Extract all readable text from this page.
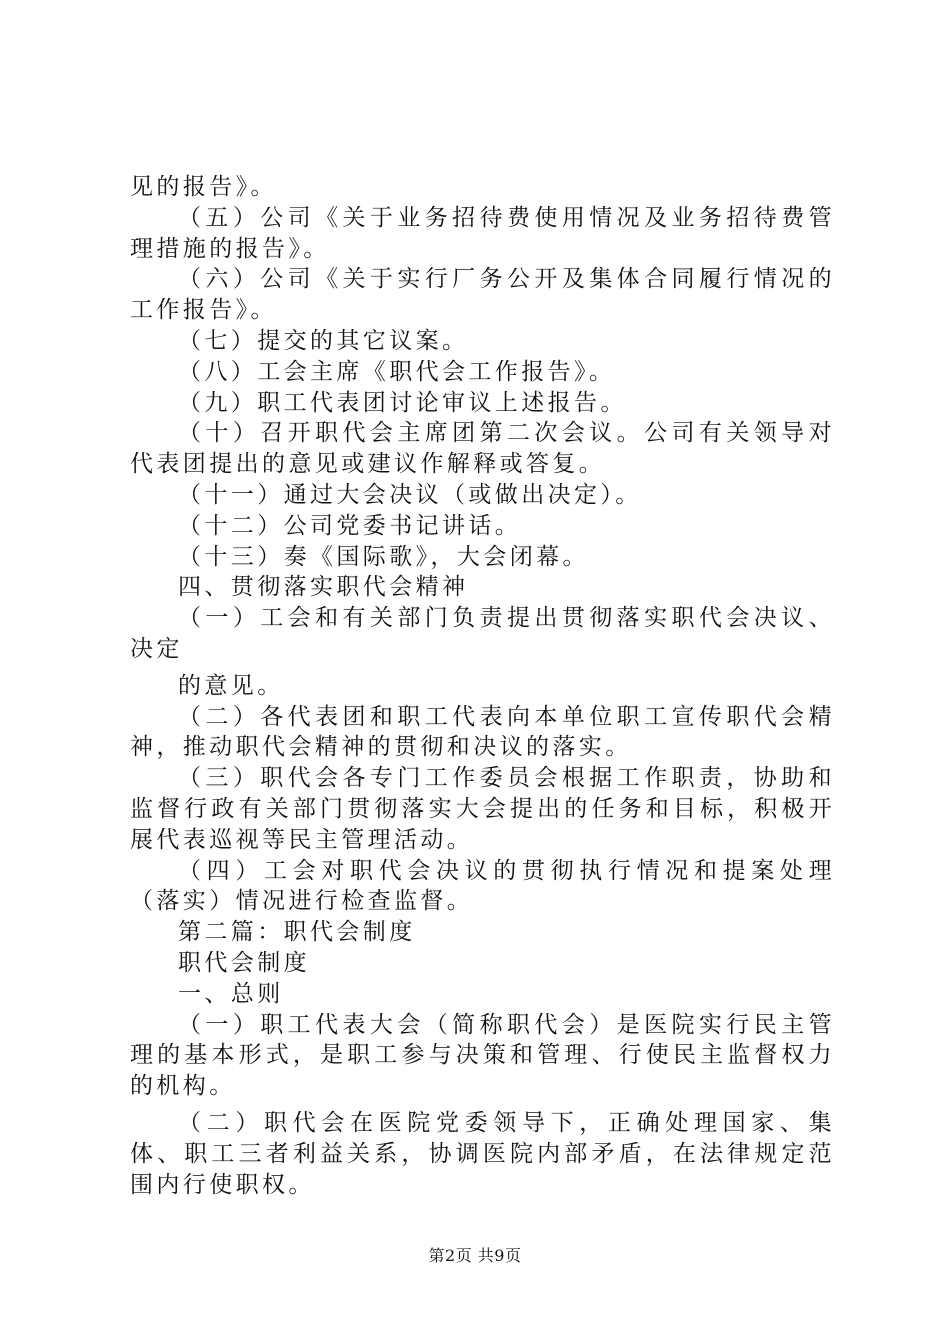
见的报告》。

（五）公司《关于业务招待费使用情况及业务招待费管理措施的报告》。

（六）公司《关于实行厂务公开及集体合同履行情况的工作报告》。

（七）提交的其它议案。

（八）工会主席《职代会工作报告》。

（九）职工代表团讨论审议上述报告。

（十）召开职代会主席团第二次会议。公司有关领导对代表团提出的意见或建议作解释或答复。

（十一）通过大会决议（或做出决定）。

（十二）公司党委书记讲话。

（十三）奏《国际歌》，大会闭幕。

四、贯彻落实职代会精神

（一）工会和有关部门负责提出贯彻落实职代会决议、决定

的意见。

（二）各代表团和职工代表向本单位职工宣传职代会精神，推动职代会精神的贯彻和决议的落实。

（三）职代会各专门工作委员会根据工作职责，协助和监督行政有关部门贯彻落实大会提出的任务和目标，积极开展代表巡视等民主管理活动。

（四）工会对职代会决议的贯彻执行情况和提案处理（落实）情况进行检查监督。

第二篇：职代会制度

职代会制度

一、总则

（一）职工代表大会（简称职代会）是医院实行民主管理的基本形式，是职工参与决策和管理、行使民主监督权力的机构。

（二）职代会在医院党委领导下，正确处理国家、集体、职工三者利益关系，协调医院内部矛盾，在法律规定范围内行使职权。

第2页 共9页
